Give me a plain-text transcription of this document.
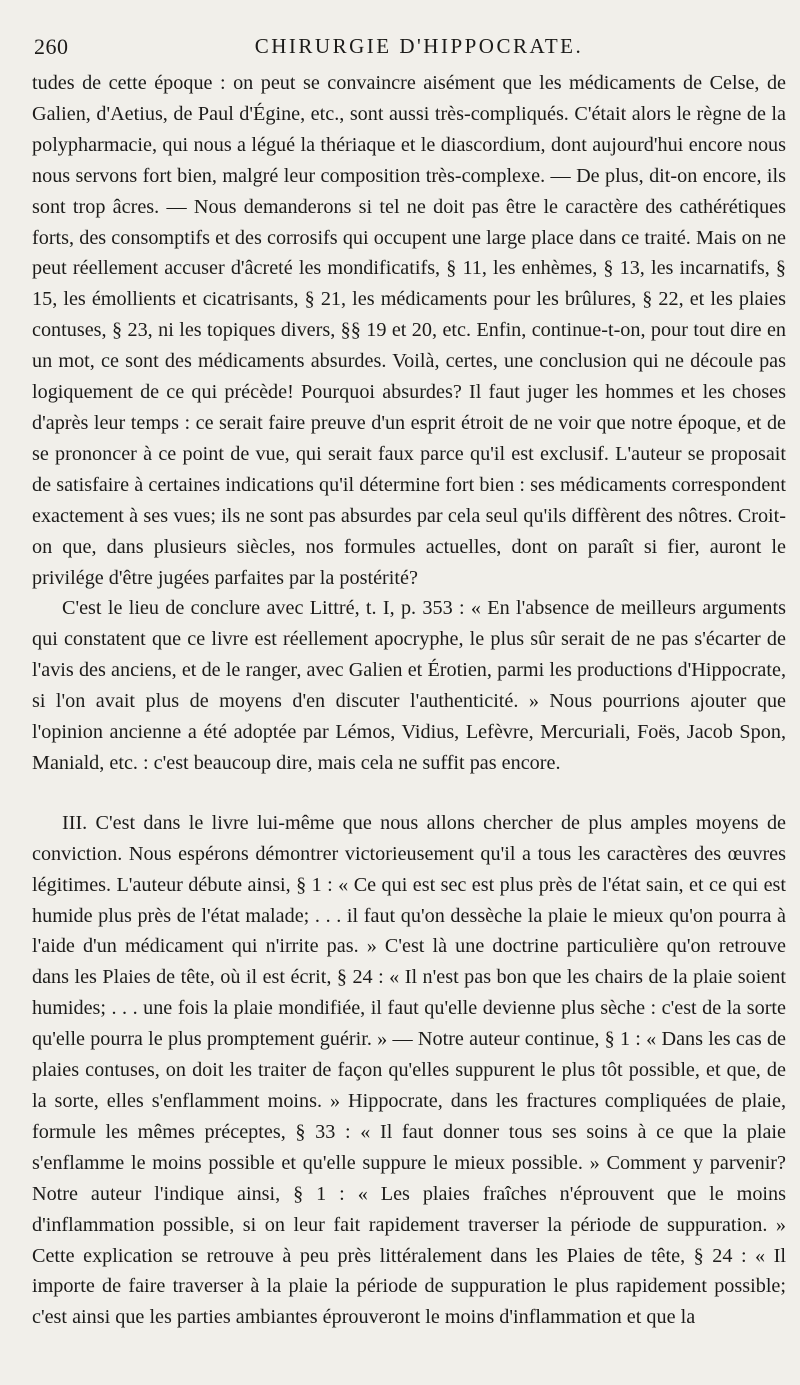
260	CHIRURGIE D'HIPPOCRATE.

tudes de cette époque : on peut se convaincre aisément que les médicaments de Celse, de Galien, d'Aetius, de Paul d'Égine, etc., sont aussi très-compliqués. C'était alors le règne de la polypharmacie, qui nous a légué la thériaque et le diascordium, dont aujourd'hui encore nous nous servons fort bien, malgré leur composition très-complexe. — De plus, dit-on encore, ils sont trop âcres. — Nous demanderons si tel ne doit pas être le caractère des cathérétiques forts, des consomptifs et des corrosifs qui occupent une large place dans ce traité. Mais on ne peut réellement accuser d'âcreté les mondificatifs, § 11, les enhèmes, § 13, les incarnatifs, § 15, les émollients et cicatrisants, § 21, les médicaments pour les brûlures, § 22, et les plaies contuses, § 23, ni les topiques divers, §§ 19 et 20, etc. Enfin, continue-t-on, pour tout dire en un mot, ce sont des médicaments absurdes. Voilà, certes, une conclusion qui ne découle pas logiquement de ce qui précède! Pourquoi absurdes? Il faut juger les hommes et les choses d'après leur temps : ce serait faire preuve d'un esprit étroit de ne voir que notre époque, et de se prononcer à ce point de vue, qui serait faux parce qu'il est exclusif. L'auteur se proposait de satisfaire à certaines indications qu'il détermine fort bien : ses médicaments correspondent exactement à ses vues; ils ne sont pas absurdes par cela seul qu'ils diffèrent des nôtres. Croit-on que, dans plusieurs siècles, nos formules actuelles, dont on paraît si fier, auront le privilége d'être jugées parfaites par la postérité?

C'est le lieu de conclure avec Littré, t. I, p. 353 : « En l'absence de meilleurs arguments qui constatent que ce livre est réellement apocryphe, le plus sûr serait de ne pas s'écarter de l'avis des anciens, et de le ranger, avec Galien et Érotien, parmi les productions d'Hippocrate, si l'on avait plus de moyens d'en discuter l'authenticité. » Nous pourrions ajouter que l'opinion ancienne a été adoptée par Lémos, Vidius, Lefèvre, Mercuriali, Foës, Jacob Spon, Maniald, etc. : c'est beaucoup dire, mais cela ne suffit pas encore.

III. C'est dans le livre lui-même que nous allons chercher de plus amples moyens de conviction. Nous espérons démontrer victorieusement qu'il a tous les caractères des œuvres légitimes. L'auteur débute ainsi, § 1 : « Ce qui est sec est plus près de l'état sain, et ce qui est humide plus près de l'état malade; . . . il faut qu'on dessèche la plaie le mieux qu'on pourra à l'aide d'un médicament qui n'irrite pas. » C'est là une doctrine particulière qu'on retrouve dans les Plaies de tête, où il est écrit, § 24 : « Il n'est pas bon que les chairs de la plaie soient humides; . . . une fois la plaie mondifiée, il faut qu'elle devienne plus sèche : c'est de la sorte qu'elle pourra le plus promptement guérir. » — Notre auteur continue, § 1 : « Dans les cas de plaies contuses, on doit les traiter de façon qu'elles suppurent le plus tôt possible, et que, de la sorte, elles s'enflamment moins. » Hippocrate, dans les fractures compliquées de plaie, formule les mêmes préceptes, § 33 : « Il faut donner tous ses soins à ce que la plaie s'enflamme le moins possible et qu'elle suppure le mieux possible. » Comment y parvenir? Notre auteur l'indique ainsi, § 1 : « Les plaies fraîches n'éprouvent que le moins d'inflammation possible, si on leur fait rapidement traverser la période de suppuration. » Cette explication se retrouve à peu près littéralement dans les Plaies de tête, § 24 : « Il importe de faire traverser à la plaie la période de suppuration le plus rapidement possible; c'est ainsi que les parties ambiantes éprouveront le moins d'inflammation et que la
